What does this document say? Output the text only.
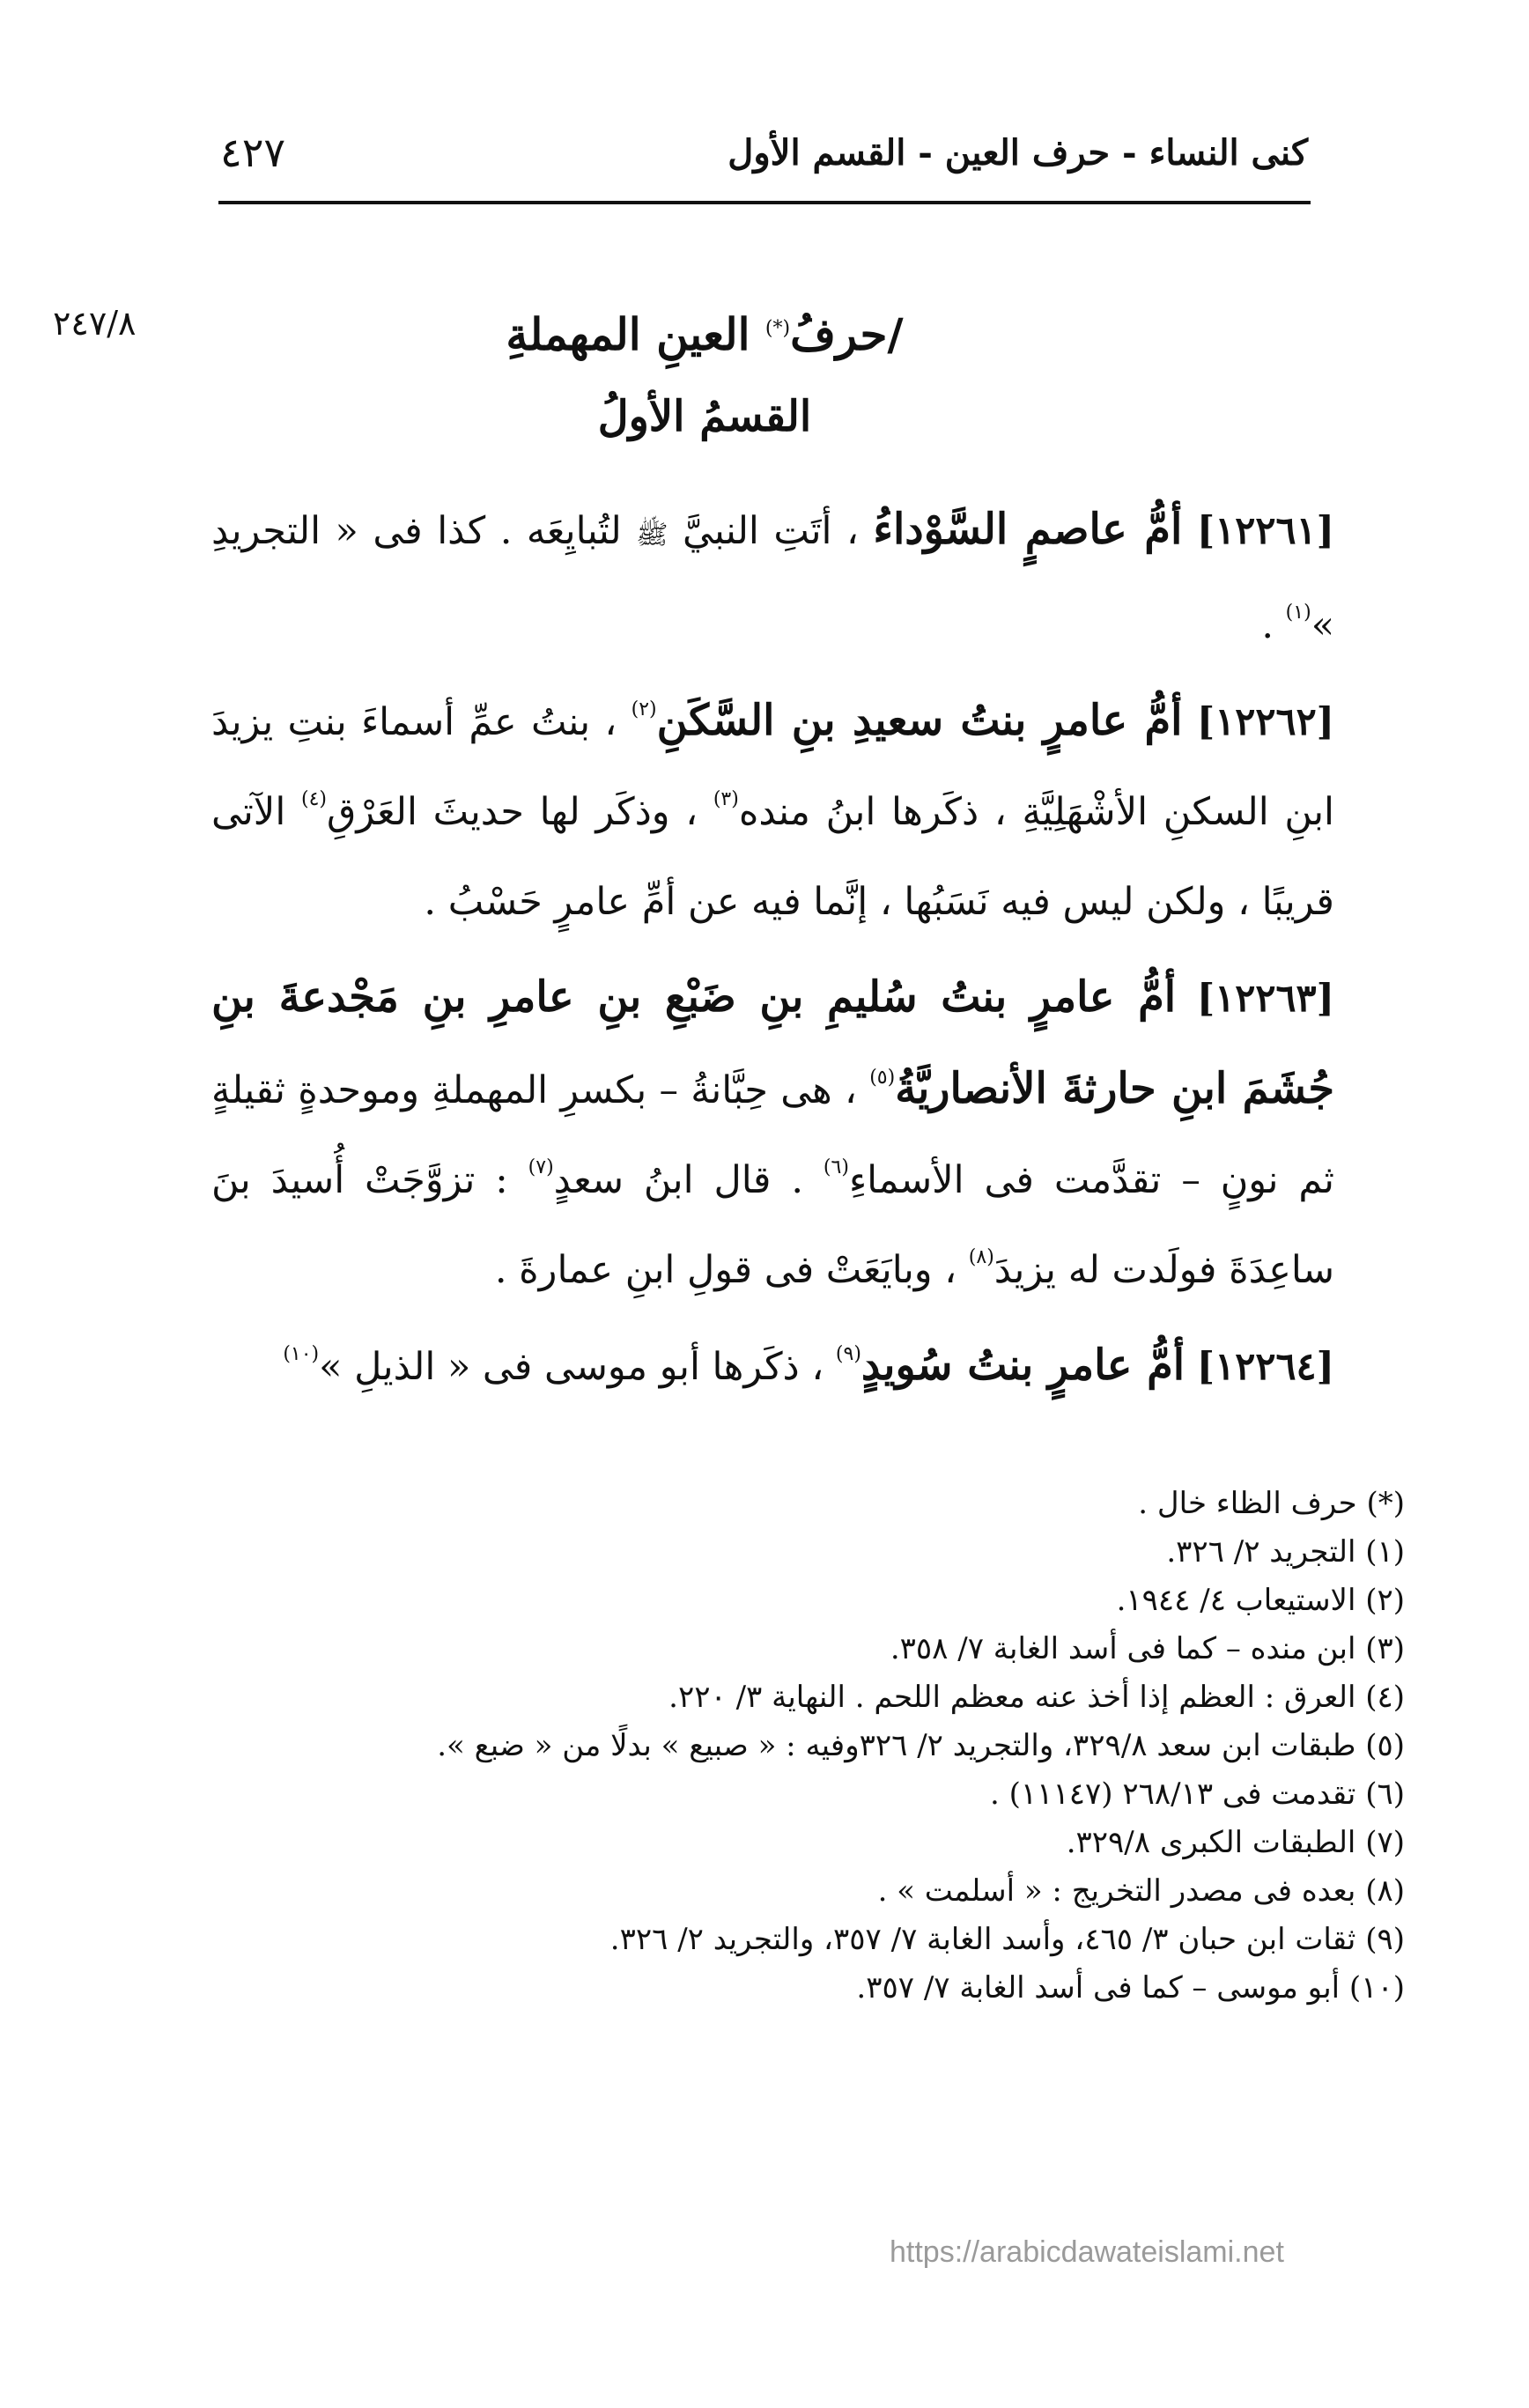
كنى النساء - حرف العين - القسم الأول
٤٢٧
٢٤٧/٨	/حرفُ(*) العينِ المهملةِ
القسمُ الأولُ

[١٢٢٦١] أمُّ عاصمٍ السَّوْداءُ ، أتَتِ النبيَّ ﷺ لتُبايِعَه . كذا فى « التجريدِ »$^{(١)}$ .

[١٢٢٦٢] أمُّ عامرٍ بنتُ سعيدِ بنِ السَّكَنِ$^{(٢)}$ ، بنتُ عمِّ أسماءَ بنتِ يزيدَ ابنِ السكنِ الأشْهَلِيَّةِ ، ذكَرها ابنُ منده$^{(٣)}$ ، وذكَر لها حديثَ العَرْقِ$^{(٤)}$ الآتى قريبًا ، ولكن ليس فيه نَسَبُها ، إنَّما فيه عن أمِّ عامرٍ حَسْبُ .

[١٢٢٦٣] أمُّ عامرٍ بنتُ سُليمِ بنِ ضَبْعِ بنِ عامرِ بنِ مَجْدعةَ بنِ جُشَمَ ابنِ حارثةَ الأنصاريَّةُ$^{(٥)}$ ، هى حِبَّانةُ – بكسرِ المهملةِ وموحدةٍ ثقيلةٍ ثم نونٍ – تقدَّمت فى الأسماءِ$^{(٦)}$ . قال ابنُ سعدٍ$^{(٧)}$ : تزوَّجَتْ أُسيدَ بنَ ساعِدَةَ فولَدت له يزيدَ$^{(٨)}$ ، وبايَعَتْ فى قولِ ابنِ عمارةَ .

[١٢٢٦٤] أمُّ عامرٍ بنتُ سُويدٍ$^{(٩)}$ ، ذكَرها أبو موسى فى « الذيلِ »$^{(١٠)}$

(*) حرف الظاء خال .
(١) التجريد ٢/ ٣٢٦.
(٢) الاستيعاب ٤/ ١٩٤٤.
(٣) ابن منده – كما فى أسد الغابة ٧/ ٣٥٨.
(٤) العرق : العظم إذا أخذ عنه معظم اللحم . النهاية ٣/ ٢٢٠.
(٥) طبقات ابن سعد ٣٢٩/٨، والتجريد ٢/ ٣٢٦وفيه : « صبيع » بدلًا من « ضبع ».
(٦) تقدمت فى ٢٦٨/١٣ (١١١٤٧) .
(٧) الطبقات الكبرى ٣٢٩/٨.
(٨) بعده فى مصدر التخريج : « أسلمت » .
(٩) ثقات ابن حبان ٣/ ٤٦٥، وأسد الغابة ٧/ ٣٥٧، والتجريد ٢/ ٣٢٦.
(١٠) أبو موسى – كما فى أسد الغابة ٧/ ٣٥٧.
https://arabicdawateislami.net
